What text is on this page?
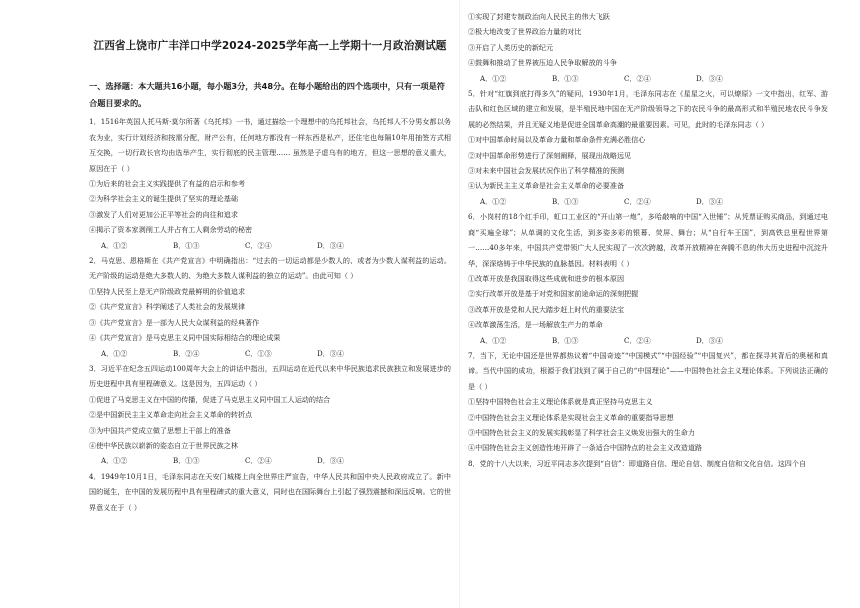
江西省上饶市广丰洋口中学2024-2025学年高一上学期十一月政治测试题
一、选择题：本大题共16小题，每小题3分，共48分。在每小题给出的四个选项中，只有一项是符合题目要求的。
1．1516年英国人托马斯·莫尔所著《乌托邦》一书，通过描绘一个理想中的乌托邦社会，乌托邦人不分男女都以务农为业，实行计划经济和按需分配，财产公有，任何地方都没有一样东西是私产，还住宅也每隔10年用抽签方式相互交换，一切行政长官均由选举产生，实行彻底的民主管理…… 虽然是子虚乌有的地方，但这一思想的意义重大，原因在于（ ）
①为后来的社会主义实践提供了有益的启示和参考
②为科学社会主义的诞生提供了坚实的理论基础
③激发了人们对更加公正平等社会的向往和追求
④揭示了资本家剥削工人并占有工人剩余劳动的秘密
A．①②	B．①③	C．②④	D．③④
2．马克思、恩格斯在《共产党宣言》中明确指出：“过去的一切运动都是少数人的、或者为少数人谋利益的运动。无产阶级的运动是绝大多数人的、为绝大多数人谋利益的独立的运动”。由此可知（ ）
①坚持人民至上是无产阶级政党最鲜明的价值追求
②《共产党宣言》科学阐述了人类社会的发展规律
③《共产党宣言》是一部为人民大众谋利益的经典著作
④《共产党宣言》是马克思主义同中国实际相结合的理论成果
A．①②	B．②④	C．①③	D．③④
3．习近平在纪念五四运动100周年大会上的讲话中指出，五四运动在近代以来中华民族追求民族独立和发展进步的历史进程中具有里程碑意义。这是因为，五四运动（ ）
①促进了马克思主义在中国的传播，促进了马克思主义同中国工人运动的结合
②是中国新民主主义革命走向社会主义革命的转折点
③为中国共产党成立做了思想上干部上的准备
④使中华民族以崭新的姿态自立于世界民族之林
A．①②	B．①③	C．②④	D．③④
4．1949年10月1日，毛泽东同志在天安门城楼上向全世界庄严宣告，中华人民共和国中央人民政府成立了。新中国的诞生，在中国的发展历程中具有里程碑式的重大意义，同时也在国际舞台上引起了强烈震撼和深远反响。它的世界意义在于（ ）
①实现了封建专制政治向人民民主的伟大飞跃
②极大地改变了世界政治力量的对比
③开启了人类历史的新纪元
④鼓舞和推动了世界被压迫人民争取解放的斗争
A．①②	B．①③	C．②④	D．③④
5．针对“红旗到底打得多久”的疑问，1930年1月，毛泽东同志在《星星之火，可以燎原》一文中指出，红军、游击队和红色区域的建立和发展，是半殖民地中国在无产阶级领导之下的农民斗争的最高形式和半殖民地农民斗争发展的必然结果，并且无疑义地是促进全国革命高潮的最重要因素。可见，此时的毛泽东同志（ ）
①对中国革命时局以及革命力量和革命条件充满必胜信心
②对中国革命形势进行了深刻阐释，展现出战略远见
③对未来中国社会发展状况作出了科学精准的预测
④认为新民主主义革命是社会主义革命的必要准备
A．①②	B．①③	C．②④	D．③④
6．小岗村的18个红手印，虹口工业区的“开山第一炮”，多哈敲响的中国“入世锤”；从凭票证购买商品，到通过电商“买遍全球”；从单调的文化生活，到多姿多彩的银幕、荧屏、舞台；从“自行车王国”，到高铁总里程世界第一……40多年来，中国共产党带领广大人民实现了一次次跨越，改革开放精神在奔腾不息的伟大历史进程中沉淀升华，深深烙铸于中华民族的血脉基因。材料表明（ ）
①改革开放是我国取得这些成就和进步的根本原因
②实行改革开放是基于对党和国家前途命运的深刻把握
③改革开放是党和人民大踏步赶上时代的重要法宝
④改革激荡生活，是一场解放生产力的革命
A．①②	B．①③	C．②④	D．③④
7．当下，无论中国还是世界都热议着“中国奇迹”“中国模式”“中国经验”“中国复兴”，都在探寻其背后的奥秘和真谛。当代中国的成功，根源于我们找到了属于自己的“中国理论”——中国特色社会主义理论体系。下列说法正确的是（ ）
①坚持中国特色社会主义理论体系就是真正坚持马克思主义
②中国特色社会主义理论体系是实现社会主义革命的重要指导思想
③中国特色社会主义的发展实践彰显了科学社会主义焕发出强大的生命力
④中国特色社会主义创造性地开辟了一条适合中国特点的社会主义改造道路
8．党的十八大以来，习近平同志多次提到“自信”：即道路自信、理论自信、制度自信和文化自信。这四个自
